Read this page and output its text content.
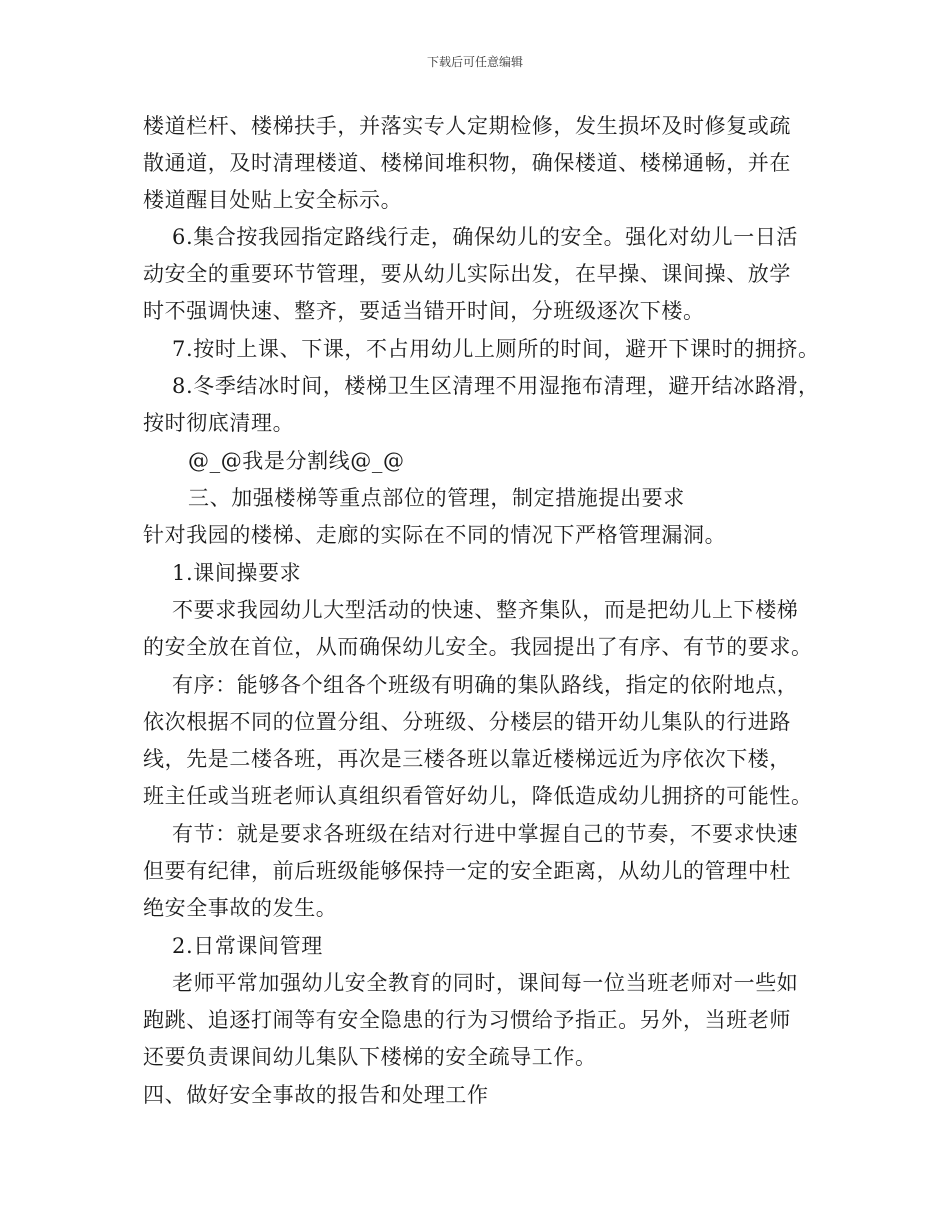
下载后可任意编辑
楼道栏杆、楼梯扶手，并落实专人定期检修，发生损坏及时修复或疏
散通道，及时清理楼道、楼梯间堆积物，确保楼道、楼梯通畅，并在
楼道醒目处贴上安全标示。
6.集合按我园指定路线行走，确保幼儿的安全。强化对幼儿一日活
动安全的重要环节管理，要从幼儿实际出发，在早操、课间操、放学
时不强调快速、整齐，要适当错开时间，分班级逐次下楼。
7.按时上课、下课，不占用幼儿上厕所的时间，避开下课时的拥挤。
8.冬季结冰时间，楼梯卫生区清理不用湿拖布清理，避开结冰路滑，
按时彻底清理。
@_@我是分割线@_@
三、加强楼梯等重点部位的管理，制定措施提出要求
针对我园的楼梯、走廊的实际在不同的情况下严格管理漏洞。
1.课间操要求
不要求我园幼儿大型活动的快速、整齐集队，而是把幼儿上下楼梯
的安全放在首位，从而确保幼儿安全。我园提出了有序、有节的要求。
有序：能够各个组各个班级有明确的集队路线，指定的依附地点，
依次根据不同的位置分组、分班级、分楼层的错开幼儿集队的行进路
线，先是二楼各班，再次是三楼各班以靠近楼梯远近为序依次下楼，
班主任或当班老师认真组织看管好幼儿，降低造成幼儿拥挤的可能性。
有节：就是要求各班级在结对行进中掌握自己的节奏，不要求快速
但要有纪律，前后班级能够保持一定的安全距离，从幼儿的管理中杜
绝安全事故的发生。
2.日常课间管理
老师平常加强幼儿安全教育的同时，课间每一位当班老师对一些如
跑跳、追逐打闹等有安全隐患的行为习惯给予指正。另外，当班老师
还要负责课间幼儿集队下楼梯的安全疏导工作。
四、做好安全事故的报告和处理工作
